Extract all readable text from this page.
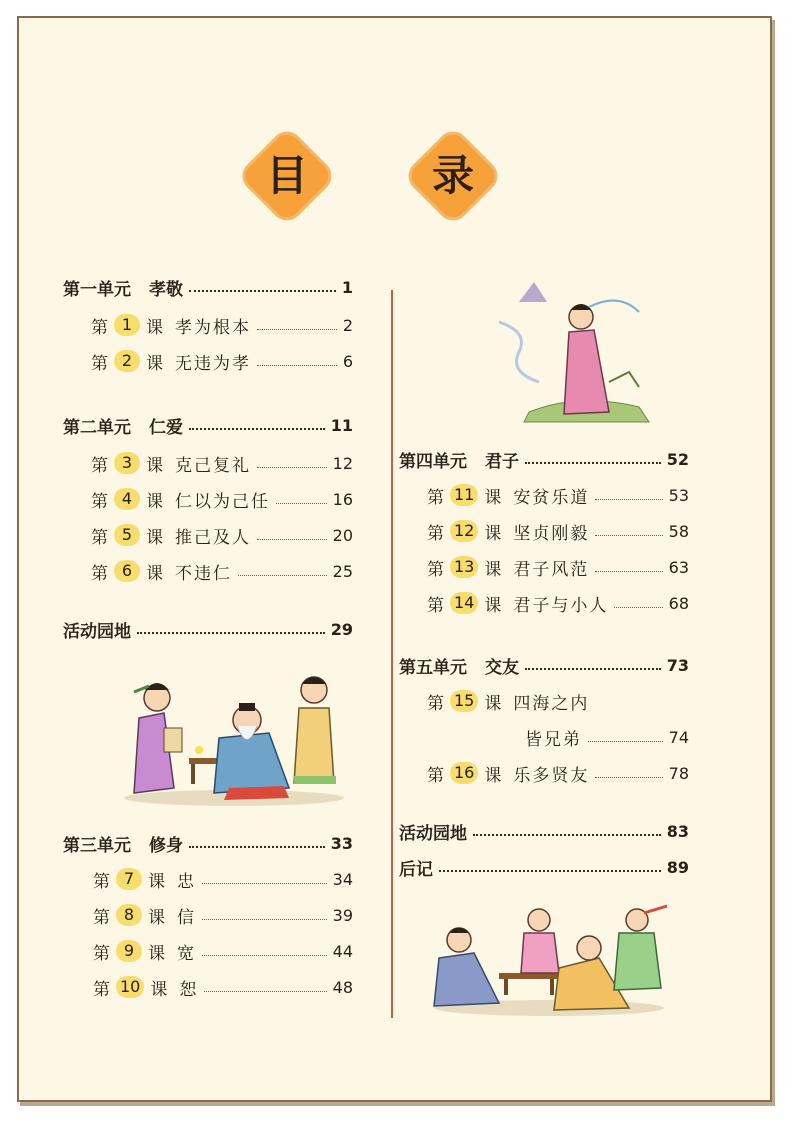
目	录
第一单元 孝敬	1
第 1 课 孝为根本	2
第 2 课 无违为孝	6
第二单元 仁爱	11
第 3 课 克己复礼	12
第 4 课 仁以为己任	16
第 5 课 推己及人	20
第 6 课 不违仁	25
活动园地	29
第三单元 修身	33
第 7 课 忠	34
第 8 课 信	39
第 9 课 宽	44
第 10 课 恕	48
第四单元 君子	52
第 11 课 安贫乐道	53
第 12 课 坚贞刚毅	58
第 13 课 君子风范	63
第 14 课 君子与小人	68
第五单元 交友	73
第 15 课 四海之内
皆兄弟	74
第 16 课 乐多贤友	78
活动园地	83
后记	89
